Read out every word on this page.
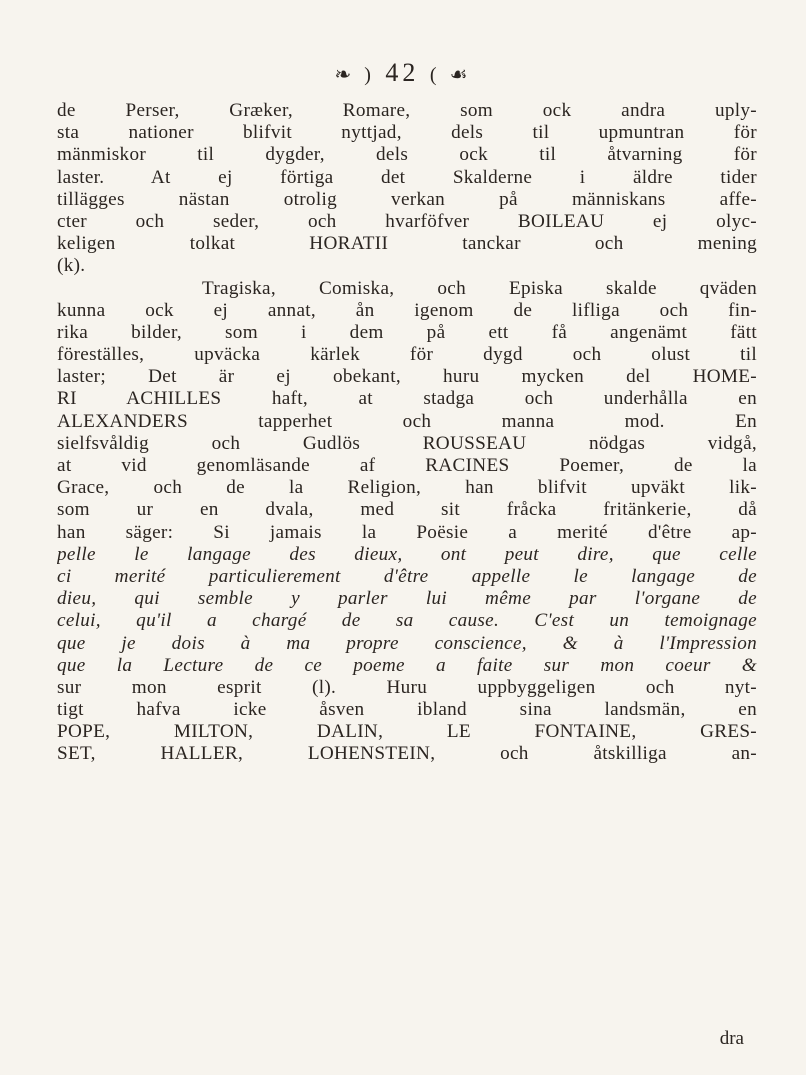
❧ ) 42 ( ☙
de Perser, Græker, Romare, som ock andra uply-
sta nationer blifvit nyttjad, dels til upmuntran för
mänmiskor til dygder, dels ock til åtvarning för
laster. At ej förtiga det Skalderne i äldre tider
tillägges nästan otrolig verkan på människans affe-
cter och seder, och hvarföfver BOILEAU ej olyc-
keligen tolkat HORATII tanckar och mening
(k).
Tragiska, Comiska, och Episka skalde qväden
kunna ock ej annat, ån igenom de lifliga och fin-
rika bilder, som i dem på ett få angenämt fätt
föreställes, upväcka kärlek för dygd och olust til
laster; Det är ej obekant, huru mycken del HOME-
RI ACHILLES haft, at stadga och underhålla en
ALEXANDERS tapperhet och manna mod. En
sielfsvåldig och Gudlös ROUSSEAU nödgas vidgå,
at vid genomläsande af RACINES Poemer, de la
Grace, och de la Religion, han blifvit upväkt lik-
som ur en dvala, med sit fråcka fritänkerie, då
han säger: Si jamais la Poësie a merité d'être ap-
pelle le langage des dieux, ont peut dire, que celle
ci merité particulierement d'être appelle le langage de
dieu, qui semble y parler lui même par l'organe de
celui, qu'il a chargé de sa cause. C'est un temoignage
que je dois à ma propre conscience, & à l'Impression
que la Lecture de ce poeme a faite sur mon coeur &
sur mon esprit (l). Huru uppbyggeligen och nyt-
tigt hafva icke åsven ibland sina landsmän, en
POPE, MILTON, DALIN, LE FONTAINE, GRES-
SET, HALLER, LOHENSTEIN, och åtskilliga an-
dra
